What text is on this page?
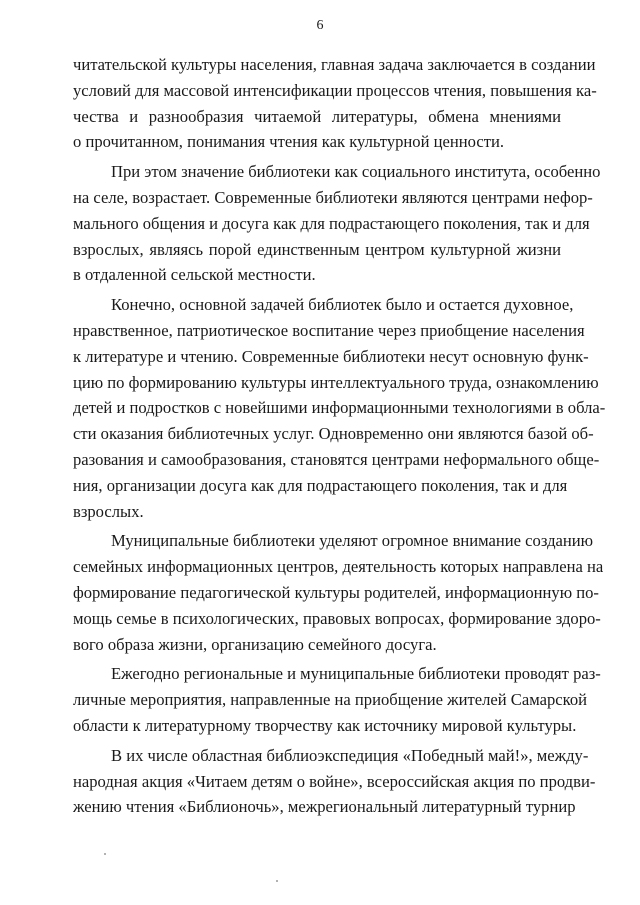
6
читательской культуры населения, главная задача заключается в создании
условий для массовой интенсификации процессов чтения, повышения ка-
чества и разнообразия читаемой литературы, обмена мнениями
о прочитанном, понимания чтения как культурной ценности.
При этом значение библиотеки как социального института, особенно
на селе, возрастает. Современные библиотеки являются центрами нефор-
мального общения и досуга как для подрастающего поколения, так и для
взрослых, являясь порой единственным центром культурной жизни
в отдаленной сельской местности.
Конечно, основной задачей библиотек было и остается духовное,
нравственное, патриотическое воспитание через приобщение населения
к литературе и чтению. Современные библиотеки несут основную функ-
цию по формированию культуры интеллектуального труда, ознакомлению
детей и подростков с новейшими информационными технологиями в обла-
сти оказания библиотечных услуг. Одновременно они являются базой об-
разования и самообразования, становятся центрами неформального обще-
ния, организации досуга как для подрастающего поколения, так и для
взрослых.
Муниципальные библиотеки уделяют огромное внимание созданию
семейных информационных центров, деятельность которых направлена на
формирование педагогической культуры родителей, информационную по-
мощь семье в психологических, правовых вопросах, формирование здоро-
вого образа жизни, организацию семейного досуга.
Ежегодно региональные и муниципальные библиотеки проводят раз-
личные мероприятия, направленные на приобщение жителей Самарской
области к литературному творчеству как источнику мировой культуры.
В их числе областная библиоэкспедиция «Победный май!», между-
народная акция «Читаем детям о войне», всероссийская акция по продви-
жению чтения «Библионочь», межрегиональный литературный турнир
